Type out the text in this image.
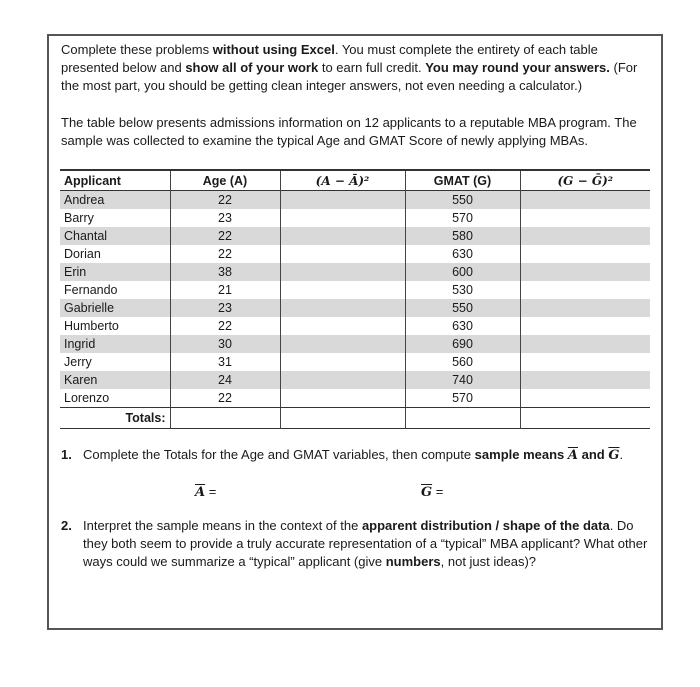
Complete these problems without using Excel. You must complete the entirety of each table presented below and show all of your work to earn full credit. You may round your answers. (For the most part, you should be getting clean integer answers, not even needing a calculator.)

The table below presents admissions information on 12 applicants to a reputable MBA program. The sample was collected to examine the typical Age and GMAT Score of newly applying MBAs.

Applicant	Age (A)	(A − Ā)²	GMAT (G)	(G − Ḡ)²
Andrea	22		550	
Barry	23		570	
Chantal	22		580	
Dorian	22		630	
Erin	38		600	
Fernando	21		530	
Gabrielle	23		550	
Humberto	22		630	
Ingrid	30		690	
Jerry	31		560	
Karen	24		740	
Lorenzo	22		570	
Totals:				
1. Complete the Totals for the Age and GMAT variables, then compute sample means $\overline{A}$ and $\overline{G}$.
$\overline{A}$ =	$\overline{G}$ =
2. Interpret the sample means in the context of the apparent distribution / shape of the data. Do they both seem to provide a truly accurate representation of a “typical” MBA applicant? What other ways could we summarize a “typical” applicant (give numbers, not just ideas)?
